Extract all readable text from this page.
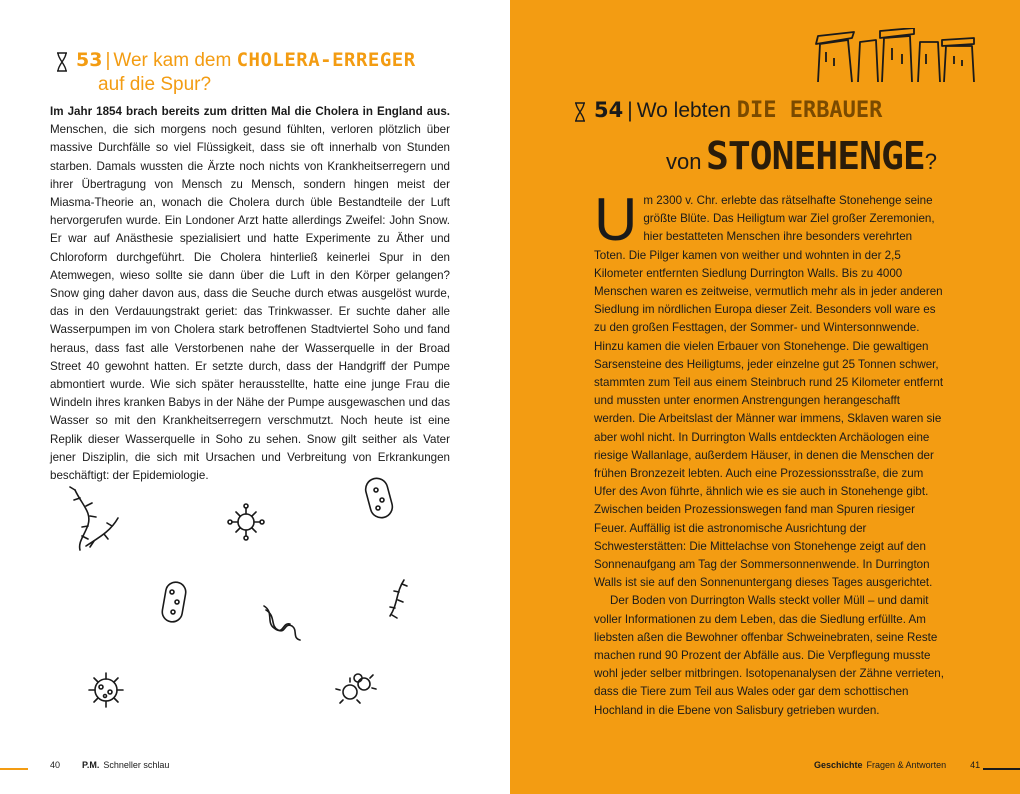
53 | Wer kam dem CHOLERA-ERREGER
auf die Spur?
Im Jahr 1854 brach bereits zum dritten Mal die Cholera in England aus. Menschen, die sich morgens noch gesund fühlten, verloren plötzlich über massive Durchfälle so viel Flüssigkeit, dass sie oft innerhalb von Stunden starben. Damals wussten die Ärzte noch nichts von Krankheitserregern und ihrer Übertragung von Mensch zu Mensch, sondern hingen meist der Miasma-Theorie an, wonach die Cholera durch üble Bestandteile der Luft hervorgerufen wurde. Ein Londoner Arzt hatte allerdings Zweifel: John Snow. Er war auf Anästhesie spezialisiert und hatte Experimente zu Äther und Chloroform durchgeführt. Die Cholera hinterließ keinerlei Spur in den Atemwegen, wieso sollte sie dann über die Luft in den Körper gelangen? Snow ging daher davon aus, dass die Seuche durch etwas ausgelöst wurde, das in den Verdauungstrakt geriet: das Trinkwasser. Er suchte daher alle Wasserpumpen im von Cholera stark betroffenen Stadtviertel Soho und fand heraus, dass fast alle Verstorbenen nahe der Wasserquelle in der Broad Street 40 gewohnt hatten. Er setzte durch, dass der Handgriff der Pumpe abmontiert wurde. Wie sich später herausstellte, hatte eine junge Frau die Windeln ihres kranken Babys in der Nähe der Pumpe ausgewaschen und das Wasser so mit den Krankheitserregern verschmutzt. Noch heute ist eine Replik dieser Wasserquelle in Soho zu sehen. Snow gilt seither als Vater jener Disziplin, die sich mit Ursachen und Verbreitung von Erkrankungen beschäftigt: der Epidemiologie.
40 P.M. Schneller schlau
54 | Wo lebten DIE ERBAUER
von STONEHENGE?

Um 2300 v. Chr. erlebte das rätselhafte Stonehenge seine größte Blüte. Das Heiligtum war Ziel großer Zeremonien, hier bestatteten Menschen ihre besonders verehrten Toten. Die Pilger kamen von weither und wohnten in der 2,5 Kilometer entfernten Siedlung Durrington Walls. Bis zu 4000 Menschen waren es zeitweise, vermutlich mehr als in jeder anderen Siedlung im nördlichen Europa dieser Zeit. Besonders voll ware es zu den großen Festtagen, der Sommer- und Wintersonnwende. Hinzu kamen die vielen Erbauer von Stonehenge. Die gewaltigen Sarsensteine des Heiligtums, jeder einzelne gut 25 Tonnen schwer, stammten zum Teil aus einem Steinbruch rund 25 Kilometer entfernt und mussten unter enormen Anstrengungen herangeschafft werden. Die Arbeitslast der Männer war immens, Sklaven waren sie aber wohl nicht. In Durrington Walls entdeckten Archäologen eine riesige Wallanlage, außerdem Häuser, in denen die Menschen der frühen Bronzezeit lebten. Auch eine Prozessionsstraße, die zum Ufer des Avon führte, ähnlich wie es sie auch in Stonehenge gibt. Zwischen beiden Prozessionswegen fand man Spuren riesiger Feuer. Auffällig ist die astronomische Ausrichtung der Schwesterstätten: Die Mittelachse von Stonehenge zeigt auf den Sonnenaufgang am Tag der Sommersonnenwende. In Durrington Walls ist sie auf den Sonnenuntergang dieses Tages ausgerichtet.

Der Boden von Durrington Walls steckt voller Müll – und damit voller Informationen zu dem Leben, das die Siedlung erfüllte. Am liebsten aßen die Bewohner offenbar Schweinebraten, seine Reste machen rund 90 Prozent der Abfälle aus. Die Verpflegung musste wohl jeder selber mitbringen. Isotopenanalysen der Zähne verrieten, dass die Tiere zum Teil aus Wales oder gar dem schottischen Hochland in die Ebene von Salisbury getrieben wurden.

Geschichte Fragen & Antworten	41
